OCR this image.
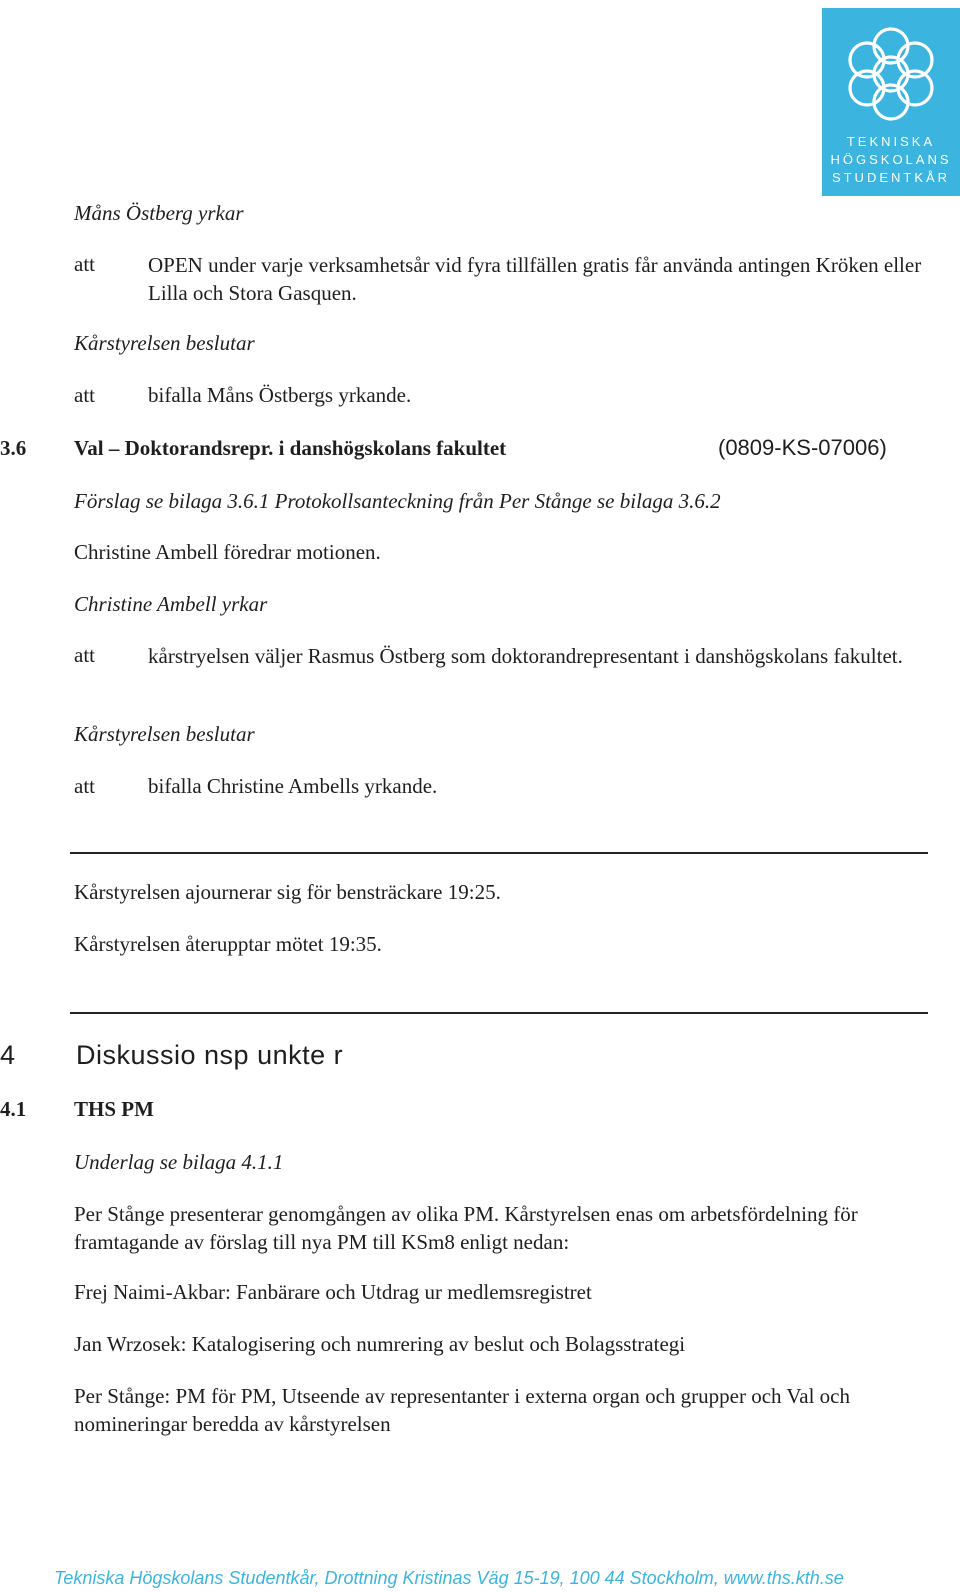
TEKNISKA
HÖGSKOLANS
STUDENTKÅR
Måns Östberg yrkar
att	OPEN under varje verksamhetsår vid fyra tillfällen gratis får använda antingen Kröken eller Lilla och Stora Gasquen.
Kårstyrelsen beslutar
att	bifalla Måns Östbergs yrkande.
3.6 Val – Doktorandsrepr. i danshögskolans fakultet	(0809-KS-07006)
Förslag se bilaga 3.6.1 Protokollsanteckning från Per Stånge se bilaga 3.6.2
Christine Ambell föredrar motionen.
Christine Ambell yrkar
att	kårstryelsen väljer Rasmus Östberg som doktorandrepresentant i danshögskolans fakultet.
Kårstyrelsen beslutar
att	bifalla Christine Ambells yrkande.
Kårstyrelsen ajournerar sig för bensträckare 19:25.
Kårstyrelsen återupptar mötet 19:35.
4 Diskussio nsp unkte r
4.1 THS PM
Underlag se bilaga 4.1.1
Per Stånge presenterar genomgången av olika PM. Kårstyrelsen enas om arbetsfördelning för framtagande av förslag till nya PM till KSm8 enligt nedan:
Frej Naimi-Akbar: Fanbärare och Utdrag ur medlemsregistret
Jan Wrzosek: Katalogisering och numrering av beslut och Bolagsstrategi
Per Stånge: PM för PM, Utseende av representanter i externa organ och grupper och Val och nomineringar beredda av kårstyrelsen
Tekniska Högskolans Studentkår, Drottning Kristinas Väg 15-19, 100 44 Stockholm, www.ths.kth.se
